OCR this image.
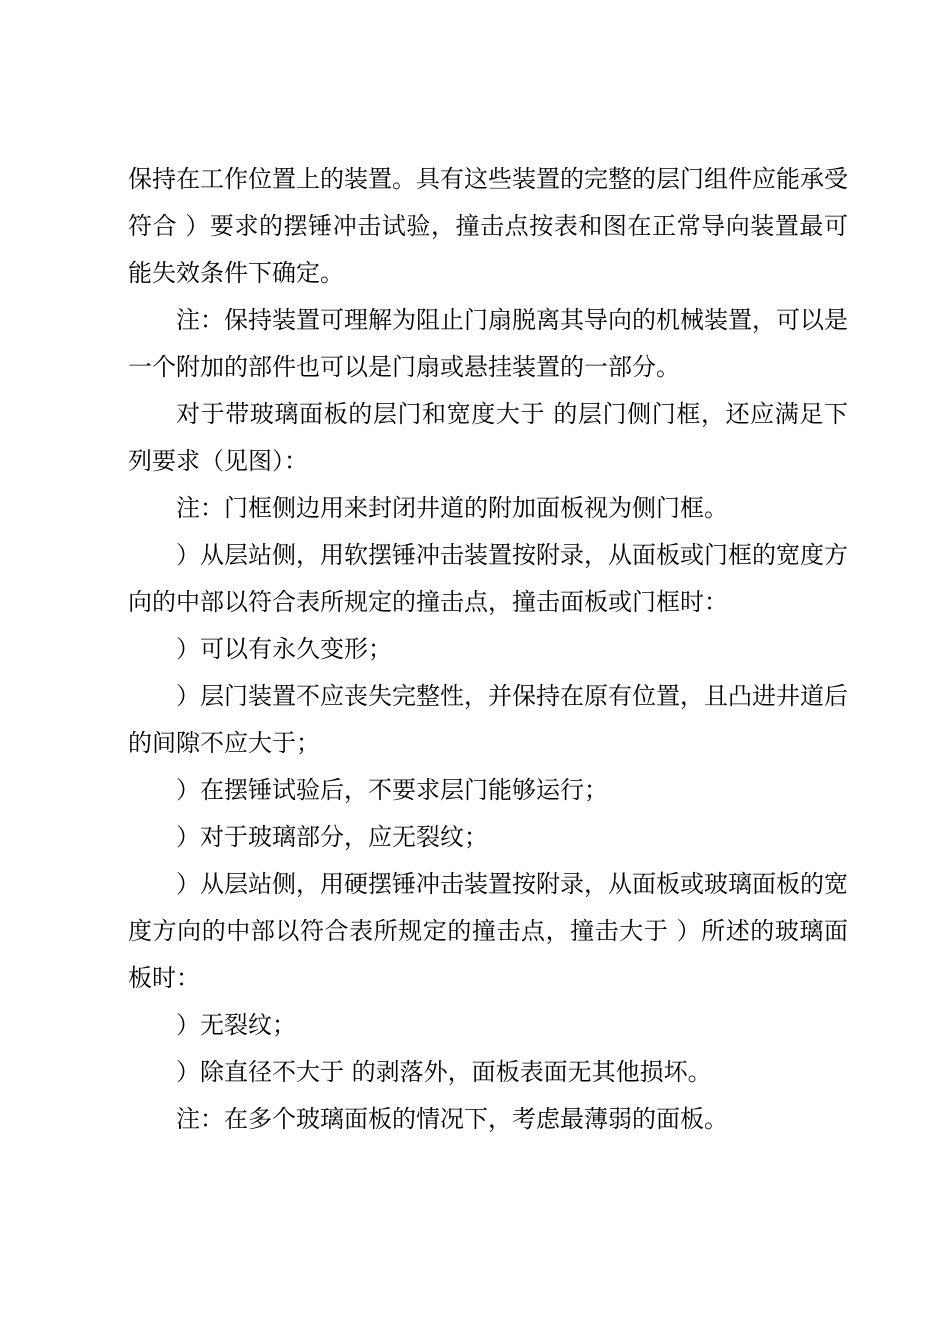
保持在工作位置上的装置。具有这些装置的完整的层门组件应能承受符合 ）要求的摆锤冲击试验，撞击点按表和图在正常导向装置最可能失效条件下确定。

注：保持装置可理解为阻止门扇脱离其导向的机械装置，可以是一个附加的部件也可以是门扇或悬挂装置的一部分。

对于带玻璃面板的层门和宽度大于 的层门侧门框，还应满足下列要求（见图）：

注：门框侧边用来封闭井道的附加面板视为侧门框。

）从层站侧，用软摆锤冲击装置按附录，从面板或门框的宽度方向的中部以符合表所规定的撞击点，撞击面板或门框时：

）可以有永久变形；

）层门装置不应丧失完整性，并保持在原有位置，且凸进井道后的间隙不应大于；

）在摆锤试验后，不要求层门能够运行；

）对于玻璃部分，应无裂纹；

）从层站侧，用硬摆锤冲击装置按附录，从面板或玻璃面板的宽度方向的中部以符合表所规定的撞击点，撞击大于 ）所述的玻璃面板时：

）无裂纹；

）除直径不大于 的剥落外，面板表面无其他损坏。

注：在多个玻璃面板的情况下，考虑最薄弱的面板。
